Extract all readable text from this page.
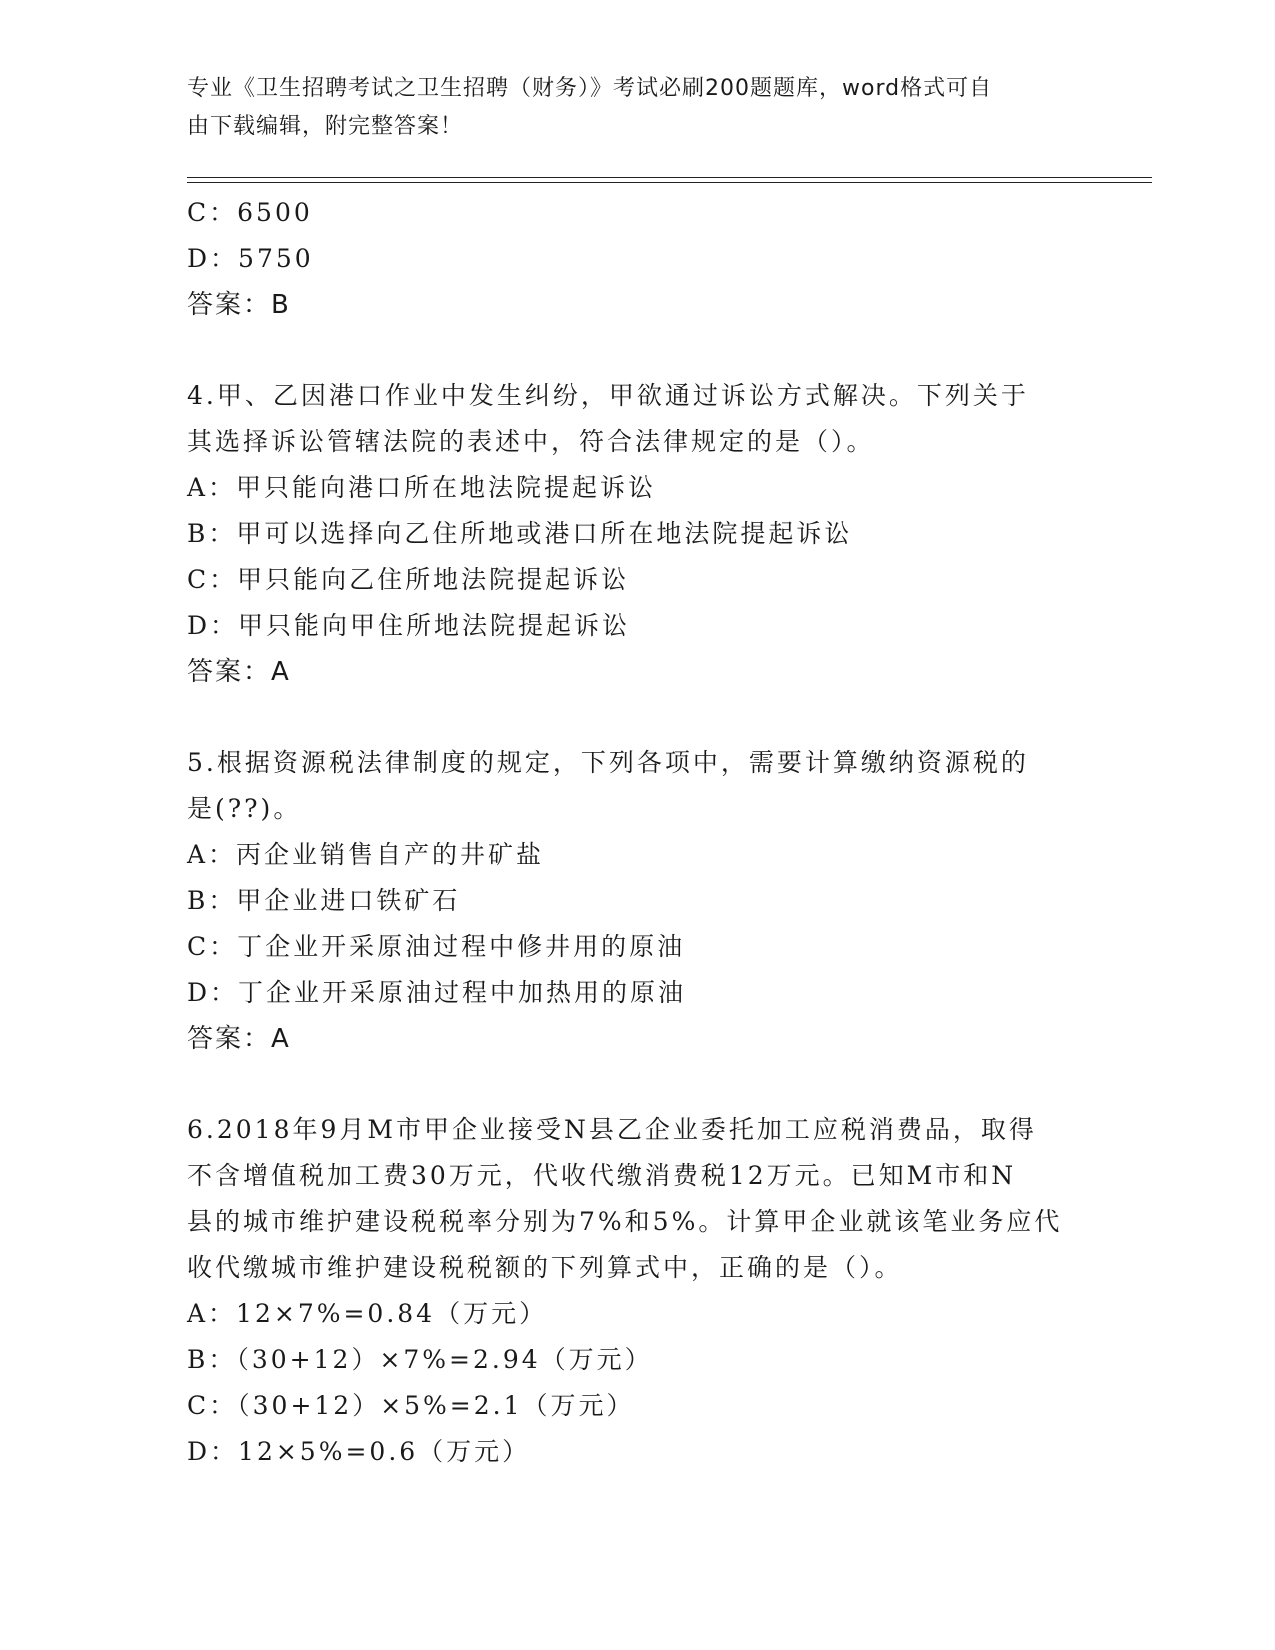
专业《卫生招聘考试之卫生招聘（财务）》考试必刷200题题库，word格式可自
由下载编辑，附完整答案！
C：6500
D：5750
答案：B
4.甲、乙因港口作业中发生纠纷，甲欲通过诉讼方式解决。下列关于
其选择诉讼管辖法院的表述中，符合法律规定的是（）。
A：甲只能向港口所在地法院提起诉讼
B：甲可以选择向乙住所地或港口所在地法院提起诉讼
C：甲只能向乙住所地法院提起诉讼
D：甲只能向甲住所地法院提起诉讼
答案：A
5.根据资源税法律制度的规定，下列各项中，需要计算缴纳资源税的
是(??)。
A：丙企业销售自产的井矿盐
B：甲企业进口铁矿石
C：丁企业开采原油过程中修井用的原油
D：丁企业开采原油过程中加热用的原油
答案：A
6.2018年9月M市甲企业接受N县乙企业委托加工应税消费品，取得
不含增值税加工费30万元，代收代缴消费税12万元。已知M市和N
县的城市维护建设税税率分别为7%和5%。计算甲企业就该笔业务应代
收代缴城市维护建设税税额的下列算式中，正确的是（）。
A：12×7%=0.84（万元）
B：（30+12）×7%=2.94（万元）
C：（30+12）×5%=2.1（万元）
D：12×5%=0.6（万元）
